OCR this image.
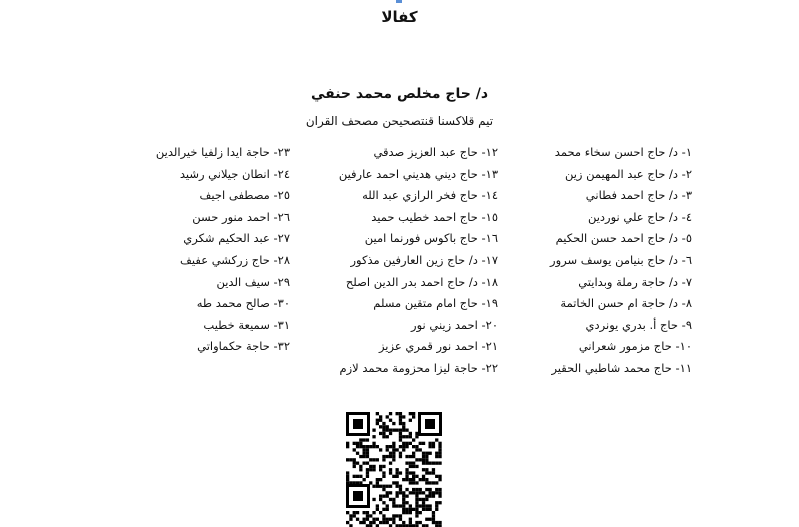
كفالا
د/ حاج مخلص محمد حنفي
تيم قلاكسنا قنتصحيحن مصحف القران
١- د/ حاج احسن سخاء محمد
٢- د/ حاج عبد المهيمن زين
٣- د/ حاج احمد فطاني
٤- د/ حاج علي نوردين
٥- د/ حاج احمد حسن الحكيم
٦- د/ حاج بنيامن يوسف سرور
٧- د/ حاجة رملة وبدايتي
٨- د/ حاجة ام حسن الخاتمة
٩- حاج أ. بدري يونردي
١٠- حاج مزمور شعراني
١١- حاج محمد شاطبي الحقير
١٢- حاج عبد العزيز صدقي
١٣- حاج ديني هديني احمد عارفين
١٤- حاج فخر الرازي عبد الله
١٥- حاج احمد خطيب حميد
١٦- حاج باكوس فورنما امين
١٧- د/ حاج زين العارفين مذكور
١٨- د/ حاج احمد بدر الدين اصلح
١٩- حاج امام متقين مسلم
٢٠- احمد زيني نور
٢١- احمد نور قمري عزيز
٢٢- حاجة ليزا محزومة محمد لازم
٢٣- حاجة ايدا زلفيا خيرالدين
٢٤- انطان جيلاني رشيد
٢٥- مصطفى اجيف
٢٦- احمد منور حسن
٢٧- عبد الحكيم شكري
٢٨- حاج زركشي عفيف
٢٩- سيف الدين
٣٠- صالح محمد طه
٣١- سميعة خطيب
٣٢- حاجة حكماواتي
